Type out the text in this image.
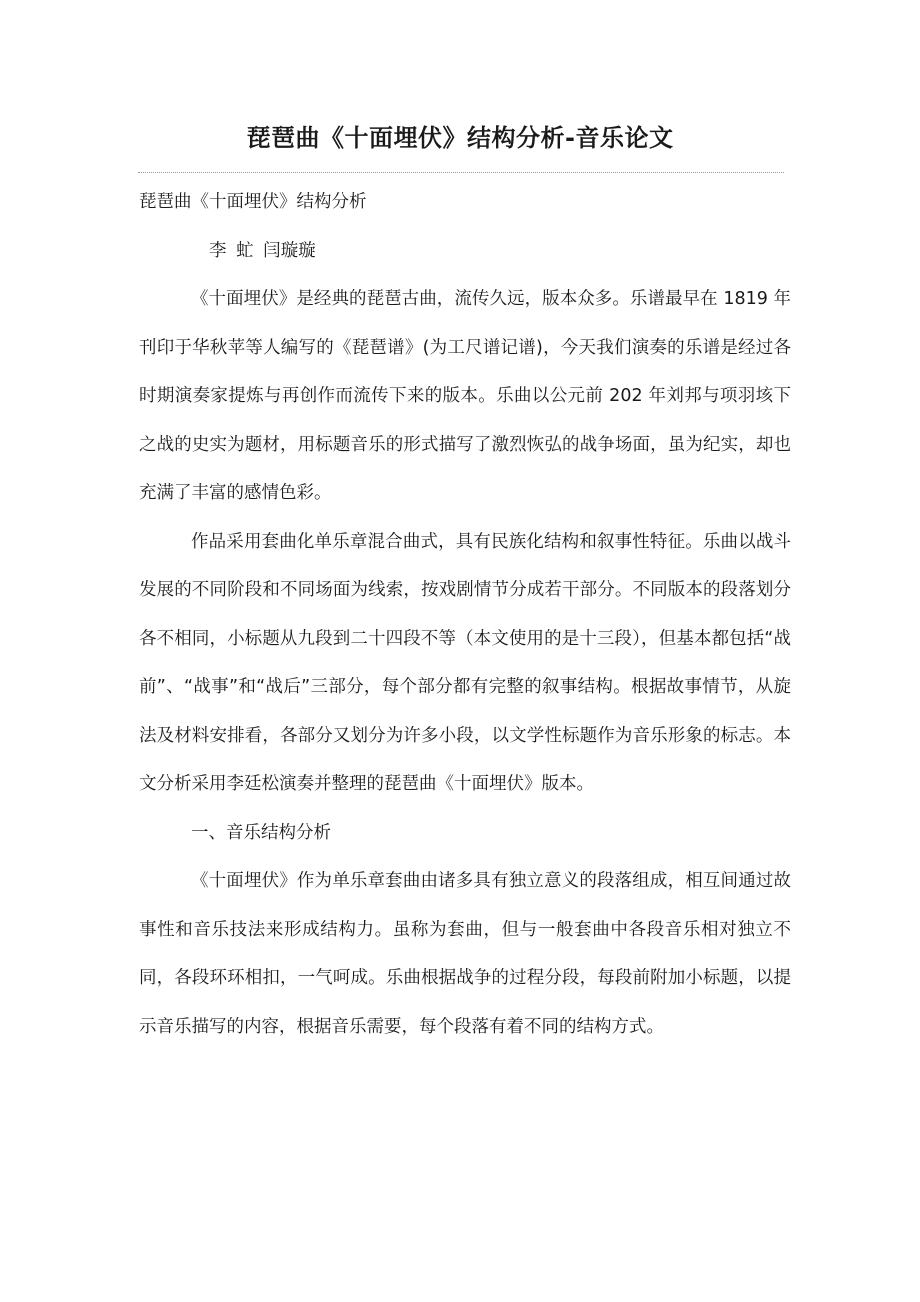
琵琶曲《十面埋伏》结构分析-音乐论文

琵琶曲《十面埋伏》结构分析

李 虻 闫璇璇

《十面埋伏》是经典的琵琶古曲，流传久远，版本众多。乐谱最早在 1819 年刊印于华秋苹等人编写的《琵琶谱》(为工尺谱记谱)，今天我们演奏的乐谱是经过各时期演奏家提炼与再创作而流传下来的版本。乐曲以公元前 202 年刘邦与项羽垓下之战的史实为题材，用标题音乐的形式描写了激烈恢弘的战争场面，虽为纪实，却也充满了丰富的感情色彩。

作品采用套曲化单乐章混合曲式，具有民族化结构和叙事性特征。乐曲以战斗发展的不同阶段和不同场面为线索，按戏剧情节分成若干部分。不同版本的段落划分各不相同，小标题从九段到二十四段不等（本文使用的是十三段），但基本都包括“战前”、“战事”和“战后”三部分，每个部分都有完整的叙事结构。根据故事情节，从旋法及材料安排看，各部分又划分为许多小段，以文学性标题作为音乐形象的标志。本文分析采用李廷松演奏并整理的琵琶曲《十面埋伏》版本。

一、音乐结构分析

《十面埋伏》作为单乐章套曲由诸多具有独立意义的段落组成，相互间通过故事性和音乐技法来形成结构力。虽称为套曲，但与一般套曲中各段音乐相对独立不同，各段环环相扣，一气呵成。乐曲根据战争的过程分段，每段前附加小标题，以提示音乐描写的内容，根据音乐需要，每个段落有着不同的结构方式。
